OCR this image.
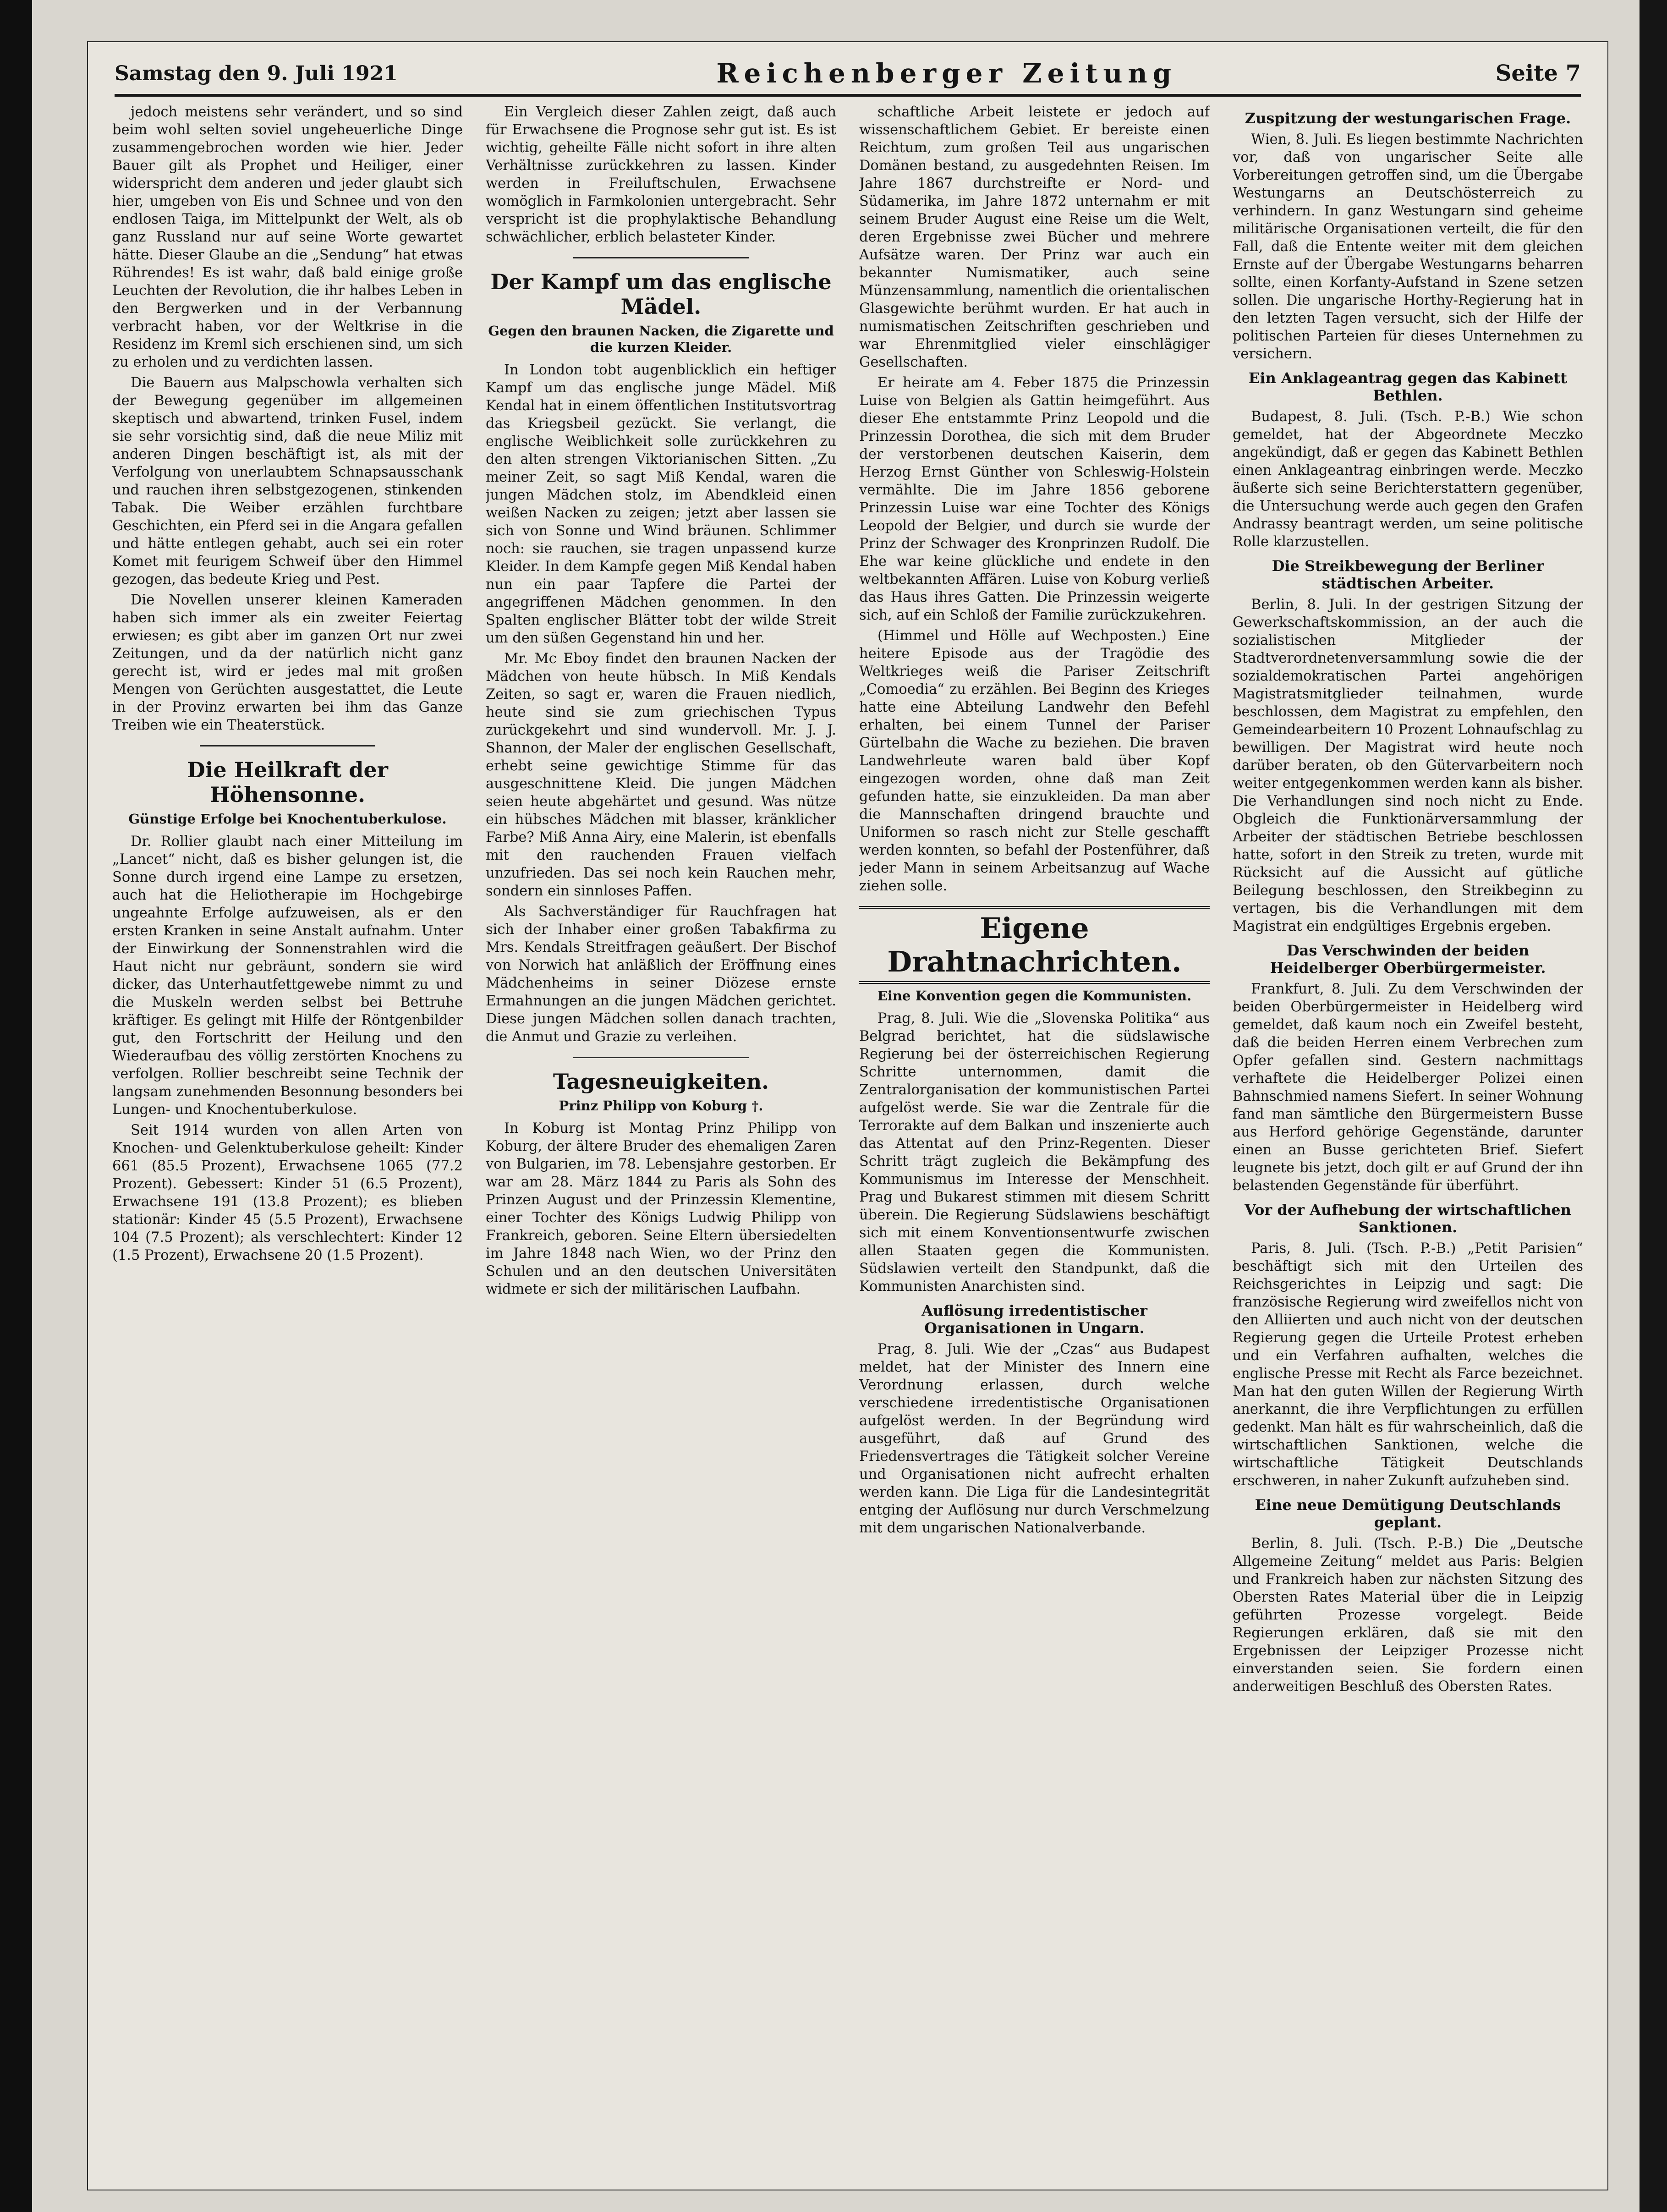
Samstag den 9. Juli 1921	Reichenberger Zeitung	Seite 7

jedoch meistens sehr verändert, und so sind beim wohl selten soviel ungeheuerliche Dinge zusammengebrochen worden wie hier. Jeder Bauer gilt als Prophet und Heiliger, einer widerspricht dem anderen und jeder glaubt sich hier, umgeben von Eis und Schnee und von den endlosen Taiga, im Mittelpunkt der Welt, als ob ganz Russland nur auf seine Worte gewartet hätte. Dieser Glaube an die „Sendung“ hat etwas Rührendes! Es ist wahr, daß bald einige große Leuchten der Revolution, die ihr halbes Leben in den Bergwerken und in der Verbannung verbracht haben, vor der Weltkrise in die Residenz im Kreml sich erschienen sind, um sich zu erholen und zu verdichten lassen.

Die Bauern aus Malpschowla verhalten sich der Bewegung gegenüber im allgemeinen skeptisch und abwartend, trinken Fusel, indem sie sehr vorsichtig sind, daß die neue Miliz mit anderen Dingen beschäftigt ist, als mit der Verfolgung von unerlaubtem Schnapsausschank und rauchen ihren selbstgezogenen, stinkenden Tabak. Die Weiber erzählen furchtbare Geschichten, ein Pferd sei in die Angara gefallen und hätte entlegen gehabt, auch sei ein roter Komet mit feurigem Schweif über den Himmel gezogen, das bedeute Krieg und Pest.

Die Novellen unserer kleinen Kameraden haben sich immer als ein zweiter Feiertag erwiesen; es gibt aber im ganzen Ort nur zwei Zeitungen, und da der natürlich nicht ganz gerecht ist, wird er jedes mal mit großen Mengen von Gerüchten ausgestattet, die Leute in der Provinz erwarten bei ihm das Ganze Treiben wie ein Theaterstück.

Die Heilkraft der Höhensonne.
Günstige Erfolge bei Knochentuberkulose.

Dr. Rollier glaubt nach einer Mitteilung im „Lancet“ nicht, daß es bisher gelungen ist, die Sonne durch irgend eine Lampe zu ersetzen, auch hat die Heliotherapie im Hochgebirge ungeahnte Erfolge aufzuweisen, als er den ersten Kranken in seine Anstalt aufnahm. Unter der Einwirkung der Sonnenstrahlen wird die Haut nicht nur gebräunt, sondern sie wird dicker, das Unterhautfettgewebe nimmt zu und die Muskeln werden selbst bei Bettruhe kräftiger. Es gelingt mit Hilfe der Röntgenbilder gut, den Fortschritt der Heilung und den Wiederaufbau des völlig zerstörten Knochens zu verfolgen. Rollier beschreibt seine Technik der langsam zunehmenden Besonnung besonders bei Lungen- und Knochentuberkulose.

Seit 1914 wurden von allen Arten von Knochen- und Gelenktuberkulose geheilt: Kinder 661 (85.5 Prozent), Erwachsene 1065 (77.2 Prozent). Gebessert: Kinder 51 (6.5 Prozent), Erwachsene 191 (13.8 Prozent); es blieben stationär: Kinder 45 (5.5 Prozent), Erwachsene 104 (7.5 Prozent); als verschlechtert: Kinder 12 (1.5 Prozent), Erwachsene 20 (1.5 Prozent).

Ein Vergleich dieser Zahlen zeigt, daß auch für Erwachsene die Prognose sehr gut ist. Es ist wichtig, geheilte Fälle nicht sofort in ihre alten Verhältnisse zurückkehren zu lassen. Kinder werden in Freiluftschulen, Erwachsene womöglich in Farmkolonien untergebracht. Sehr verspricht ist die prophylaktische Behandlung schwächlicher, erblich belasteter Kinder.

Der Kampf um das englische Mädel.
Gegen den braunen Nacken, die Zigarette und die kurzen Kleider.

In London tobt augenblicklich ein heftiger Kampf um das englische junge Mädel. Miß Kendal hat in einem öffentlichen Institutsvortrag das Kriegsbeil gezückt. Sie verlangt, die englische Weiblichkeit solle zurückkehren zu den alten strengen Viktorianischen Sitten. „Zu meiner Zeit, so sagt Miß Kendal, waren die jungen Mädchen stolz, im Abendkleid einen weißen Nacken zu zeigen; jetzt aber lassen sie sich von Sonne und Wind bräunen. Schlimmer noch: sie rauchen, sie tragen unpassend kurze Kleider. In dem Kampfe gegen Miß Kendal haben nun ein paar Tapfere die Partei der angegriffenen Mädchen genommen. In den Spalten englischer Blätter tobt der wilde Streit um den süßen Gegenstand hin und her.

Mr. Mc Eboy findet den braunen Nacken der Mädchen von heute hübsch. In Miß Kendals Zeiten, so sagt er, waren die Frauen niedlich, heute sind sie zum griechischen Typus zurückgekehrt und sind wundervoll. Mr. J. J. Shannon, der Maler der englischen Gesellschaft, erhebt seine gewichtige Stimme für das ausgeschnittene Kleid. Die jungen Mädchen seien heute abgehärtet und gesund. Was nütze ein hübsches Mädchen mit blasser, kränklicher Farbe? Miß Anna Airy, eine Malerin, ist ebenfalls mit den rauchenden Frauen vielfach unzufrieden. Das sei noch kein Rauchen mehr, sondern ein sinnloses Paffen.

Als Sachverständiger für Rauchfragen hat sich der Inhaber einer großen Tabakfirma zu Mrs. Kendals Streitfragen geäußert. Der Bischof von Norwich hat anläßlich der Eröffnung eines Mädchenheims in seiner Diözese ernste Ermahnungen an die jungen Mädchen gerichtet. Diese jungen Mädchen sollen danach trachten, die Anmut und Grazie zu verleihen.

Tagesneuigkeiten.
Prinz Philipp von Koburg †.

In Koburg ist Montag Prinz Philipp von Koburg, der ältere Bruder des ehemaligen Zaren von Bulgarien, im 78. Lebensjahre gestorben. Er war am 28. März 1844 zu Paris als Sohn des Prinzen August und der Prinzessin Klementine, einer Tochter des Königs Ludwig Philipp von Frankreich, geboren. Seine Eltern übersiedelten im Jahre 1848 nach Wien, wo der Prinz den Schulen und an den deutschen Universitäten widmete er sich der militärischen Laufbahn.

schaftliche Arbeit leistete er jedoch auf wissenschaftlichem Gebiet. Er bereiste einen Reichtum, zum großen Teil aus ungarischen Domänen bestand, zu ausgedehnten Reisen. Im Jahre 1867 durchstreifte er Nord- und Südamerika, im Jahre 1872 unternahm er mit seinem Bruder August eine Reise um die Welt, deren Ergebnisse zwei Bücher und mehrere Aufsätze waren. Der Prinz war auch ein bekannter Numismatiker, auch seine Münzensammlung, namentlich die orientalischen Glasgewichte berühmt wurden. Er hat auch in numismatischen Zeitschriften geschrieben und war Ehrenmitglied vieler einschlägiger Gesellschaften.

Er heirate am 4. Feber 1875 die Prinzessin Luise von Belgien als Gattin heimgeführt. Aus dieser Ehe entstammte Prinz Leopold und die Prinzessin Dorothea, die sich mit dem Bruder der verstorbenen deutschen Kaiserin, dem Herzog Ernst Günther von Schleswig-Holstein vermählte. Die im Jahre 1856 geborene Prinzessin Luise war eine Tochter des Königs Leopold der Belgier, und durch sie wurde der Prinz der Schwager des Kronprinzen Rudolf. Die Ehe war keine glückliche und endete in den weltbekannten Affären. Luise von Koburg verließ das Haus ihres Gatten. Die Prinzessin weigerte sich, auf ein Schloß der Familie zurückzukehren.

(Himmel und Hölle auf Wechposten.) Eine heitere Episode aus der Tragödie des Weltkrieges weiß die Pariser Zeitschrift „Comoedia“ zu erzählen. Bei Beginn des Krieges hatte eine Abteilung Landwehr den Befehl erhalten, bei einem Tunnel der Pariser Gürtelbahn die Wache zu beziehen. Die braven Landwehrleute waren bald über Kopf eingezogen worden, ohne daß man Zeit gefunden hatte, sie einzukleiden. Da man aber die Mannschaften dringend brauchte und Uniformen so rasch nicht zur Stelle geschafft werden konnten, so befahl der Postenführer, daß jeder Mann in seinem Arbeitsanzug auf Wache ziehen solle.

Eigene Drahtnachrichten.
Eine Konvention gegen die Kommunisten.

Prag, 8. Juli. Wie die „Slovenska Politika“ aus Belgrad berichtet, hat die südslawische Regierung bei der österreichischen Regierung Schritte unternommen, damit die Zentralorganisation der kommunistischen Partei aufgelöst werde. Sie war die Zentrale für die Terrorakte auf dem Balkan und inszenierte auch das Attentat auf den Prinz-Regenten. Dieser Schritt trägt zugleich die Bekämpfung des Kommunismus im Interesse der Menschheit. Prag und Bukarest stimmen mit diesem Schritt überein. Die Regierung Südslawiens beschäftigt sich mit einem Konventionsentwurfe zwischen allen Staaten gegen die Kommunisten. Südslawien verteilt den Standpunkt, daß die Kommunisten Anarchisten sind.

Auflösung irredentistischer Organisationen in Ungarn.

Prag, 8. Juli. Wie der „Czas“ aus Budapest meldet, hat der Minister des Innern eine Verordnung erlassen, durch welche verschiedene irredentistische Organisationen aufgelöst werden. In der Begründung wird ausgeführt, daß auf Grund des Friedensvertrages die Tätigkeit solcher Vereine und Organisationen nicht aufrecht erhalten werden kann. Die Liga für die Landesintegrität entging der Auflösung nur durch Verschmelzung mit dem ungarischen Nationalverbande.

Zuspitzung der westungarischen Frage.

Wien, 8. Juli. Es liegen bestimmte Nachrichten vor, daß von ungarischer Seite alle Vorbereitungen getroffen sind, um die Übergabe Westungarns an Deutschösterreich zu verhindern. In ganz Westungarn sind geheime militärische Organisationen verteilt, die für den Fall, daß die Entente weiter mit dem gleichen Ernste auf der Übergabe Westungarns beharren sollte, einen Korfanty-Aufstand in Szene setzen sollen. Die ungarische Horthy-Regierung hat in den letzten Tagen versucht, sich der Hilfe der politischen Parteien für dieses Unternehmen zu versichern.

Ein Anklageantrag gegen das Kabinett Bethlen.

Budapest, 8. Juli. (Tsch. P.-B.) Wie schon gemeldet, hat der Abgeordnete Meczko angekündigt, daß er gegen das Kabinett Bethlen einen Anklageantrag einbringen werde. Meczko äußerte sich seine Berichterstattern gegenüber, die Untersuchung werde auch gegen den Grafen Andrassy beantragt werden, um seine politische Rolle klarzustellen.

Die Streikbewegung der Berliner städtischen Arbeiter.

Berlin, 8. Juli. In der gestrigen Sitzung der Gewerkschaftskommission, an der auch die sozialistischen Mitglieder der Stadtverordnetenversammlung sowie die der sozialdemokratischen Partei angehörigen Magistratsmitglieder teilnahmen, wurde beschlossen, dem Magistrat zu empfehlen, den Gemeindearbeitern 10 Prozent Lohnaufschlag zu bewilligen. Der Magistrat wird heute noch darüber beraten, ob den Gütervarbeitern noch weiter entgegenkommen werden kann als bisher. Die Verhandlungen sind noch nicht zu Ende. Obgleich die Funktionärversammlung der Arbeiter der städtischen Betriebe beschlossen hatte, sofort in den Streik zu treten, wurde mit Rücksicht auf die Aussicht auf gütliche Beilegung beschlossen, den Streikbeginn zu vertagen, bis die Verhandlungen mit dem Magistrat ein endgültiges Ergebnis ergeben.

Das Verschwinden der beiden Heidelberger Oberbürgermeister.

Frankfurt, 8. Juli. Zu dem Verschwinden der beiden Oberbürgermeister in Heidelberg wird gemeldet, daß kaum noch ein Zweifel besteht, daß die beiden Herren einem Verbrechen zum Opfer gefallen sind. Gestern nachmittags verhaftete die Heidelberger Polizei einen Bahnschmied namens Siefert. In seiner Wohnung fand man sämtliche den Bürgermeistern Busse aus Herford gehörige Gegenstände, darunter einen an Busse gerichteten Brief. Siefert leugnete bis jetzt, doch gilt er auf Grund der ihn belastenden Gegenstände für überführt.

Vor der Aufhebung der wirtschaftlichen Sanktionen.

Paris, 8. Juli. (Tsch. P.-B.) „Petit Parisien“ beschäftigt sich mit den Urteilen des Reichsgerichtes in Leipzig und sagt: Die französische Regierung wird zweifellos nicht von den Alliierten und auch nicht von der deutschen Regierung gegen die Urteile Protest erheben und ein Verfahren aufhalten, welches die englische Presse mit Recht als Farce bezeichnet. Man hat den guten Willen der Regierung Wirth anerkannt, die ihre Verpflichtungen zu erfüllen gedenkt. Man hält es für wahrscheinlich, daß die wirtschaftlichen Sanktionen, welche die wirtschaftliche Tätigkeit Deutschlands erschweren, in naher Zukunft aufzuheben sind.

Eine neue Demütigung Deutschlands geplant.

Berlin, 8. Juli. (Tsch. P.-B.) Die „Deutsche Allgemeine Zeitung“ meldet aus Paris: Belgien und Frankreich haben zur nächsten Sitzung des Obersten Rates Material über die in Leipzig geführten Prozesse vorgelegt. Beide Regierungen erklären, daß sie mit den Ergebnissen der Leipziger Prozesse nicht einverstanden seien. Sie fordern einen anderweitigen Beschluß des Obersten Rates.
